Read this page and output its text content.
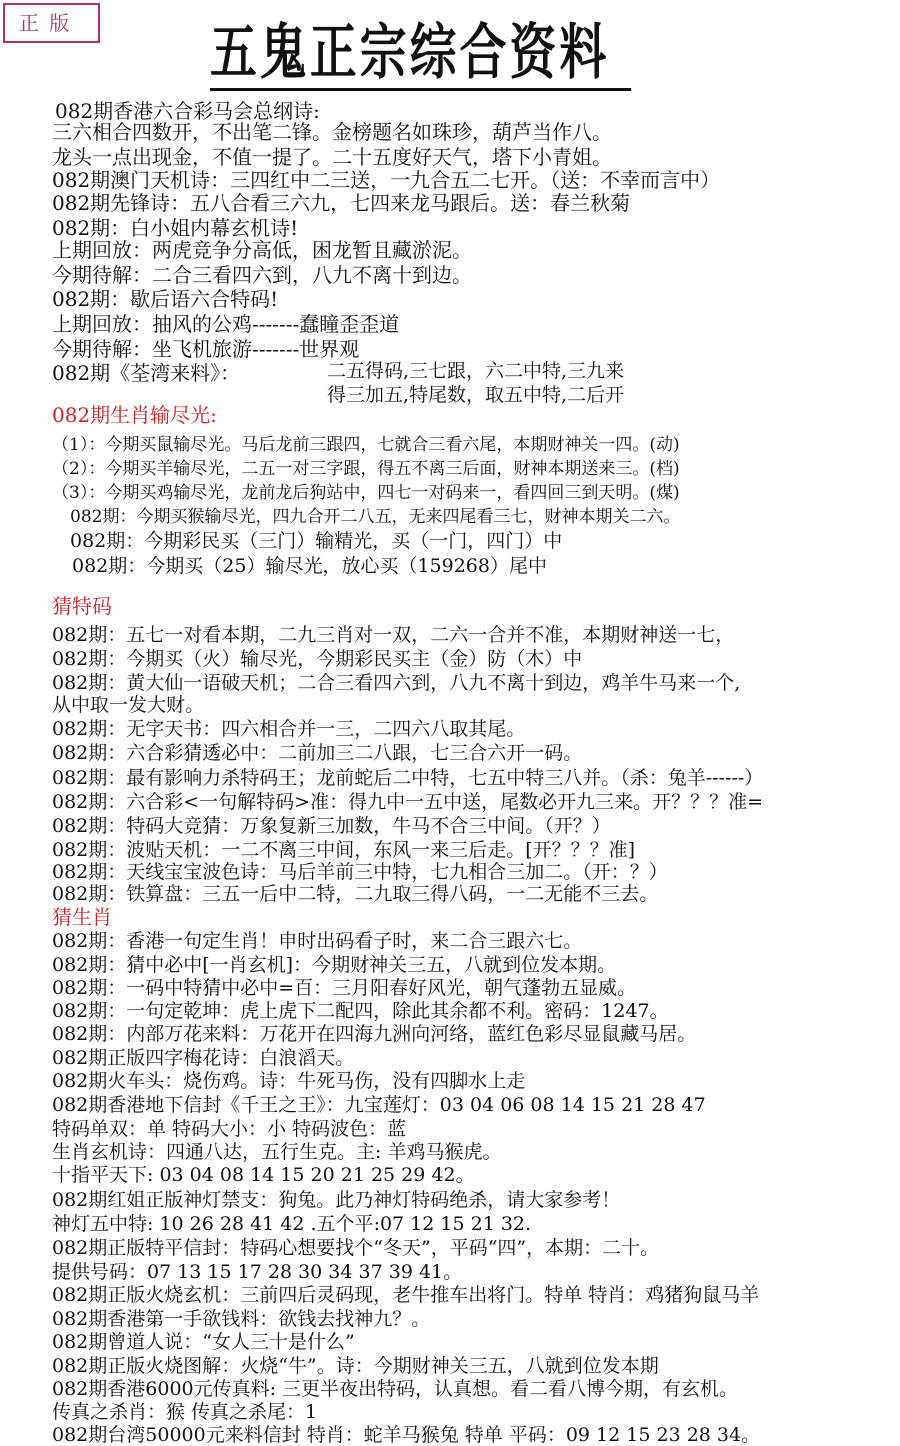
正 版	五鬼正宗综合资料
082期香港六合彩马会总纲诗:
三六相合四数开，不出笔二锋。金榜题名如珠珍，葫芦当作八。
龙头一点出现金，不值一提了。二十五度好天气，塔下小青姐。
082期澳门天机诗：三四红中二三送，一九合五二七开。（送：不幸而言中）
082期先锋诗：五八合看三六九，七四来龙马跟后。送：春兰秋菊
082期：白小姐内幕玄机诗!
上期回放：两虎竞争分高低，困龙暂且藏淤泥。
今期待解：二合三看四六到，八九不离十到边。
082期：歇后语六合特码!
上期回放：抽风的公鸡-------蠢瞳歪歪道
今期待解：坐飞机旅游-------世界观
082期《荃湾来料》：	二五得码,三七跟，六二中特,三九来
得三加五,特尾数，取五中特,二后开
082期生肖输尽光:
（1）：今期买鼠输尽光。马后龙前三跟四，七就合三看六尾，本期财神关一四。(动)
（2）：今期买羊输尽光，二五一对三字跟，得五不离三后面，财神本期送来三。(档)
（3）：今期买鸡输尽光，龙前龙后狗站中，四七一对码来一，看四回三到天明。(煤)
082期：今期买猴输尽光，四九合开二八五，无来四尾看三七，财神本期关二六。
082期：今期彩民买（三门）输精光，买（一门，四门）中
082期：今期买（25）输尽光，放心买（159268）尾中
猜特码
082期：五七一对看本期，二九三肖对一双，二六一合并不准，本期财神送一七，
082期：今期买（火）输尽光，今期彩民买主（金）防（木）中
082期：黄大仙一语破天机；二合三看四六到，八九不离十到边，鸡羊牛马来一个,
从中取一发大财。
082期：无字天书：四六相合并一三，二四六八取其尾。
082期：六合彩猜透必中：二前加三二八跟，七三合六开一码。
082期：最有影响力杀特码王；龙前蛇后二中特，七五中特三八并。（杀：兔羊------）
082期：六合彩<一句解特码>准：得九中一五中送，尾数必开九三来。开？？？准=
082期：特码大竞猜：万象复新三加数，牛马不合三中间。（开？）
082期：波贴天机：一二不离三中间，东风一来三后走。[开？？？准]
082期：天线宝宝波色诗：马后羊前三中特，七九相合三加二。（开：？）
082期：铁算盘：三五一后中二特，二九取三得八码，一二无能不三去。
猜生肖
082期：香港一句定生肖！申时出码看子时，来二合三跟六七。
082期：猜中必中[一肖玄机]：今期财神关三五，八就到位发本期。
082期：一码中特猜中必中=百：三月阳春好风光，朝气蓬勃五显威。
082期：一句定乾坤：虎上虎下二配四，除此其余都不利。密码：1247。
082期：内部万花来料：万花开在四海九洲向河络，蓝红色彩尽显鼠藏马居。
082期正版四字梅花诗：白浪滔天。
082期火车头：烧伤鸡。诗：牛死马伤，没有四脚水上走
082期香港地下信封《千王之王》：九宝莲灯：03 04 06 08 14 15 21 28 47
特码单双：单 特码大小：小 特码波色：蓝
生肖玄机诗：四通八达，五行生克。主: 羊鸡马猴虎。
十指平天下: 03 04 08 14 15 20 21 25 29 42。
082期红姐正版神灯禁支：狗兔。此乃神灯特码绝杀，请大家参考！
神灯五中特: 10 26 28 41 42 .五个平:07 12 15 21 32.
082期正版特平信封：特码心想要找个“冬天”，平码“四”，本期：二十。
提供号码：07 13 15 17 28 30 34 37 39 41。
082期正版火烧玄机：三前四后灵码现，老牛推车出将门。特单 特肖：鸡猪狗鼠马羊
082期香港第一手欲钱料：欲钱去找神九？。
082期曾道人说：“女人三十是什么”
082期正版火烧图解：火烧“牛”。诗：今期财神关三五，八就到位发本期
082期香港6000元传真料: 三更半夜出特码，认真想。看二看八博今期，有玄机。
传真之杀肖：猴 传真之杀尾：1
082期台湾50000元来料信封 特肖：蛇羊马猴兔 特单 平码：09 12 15 23 28 34。
